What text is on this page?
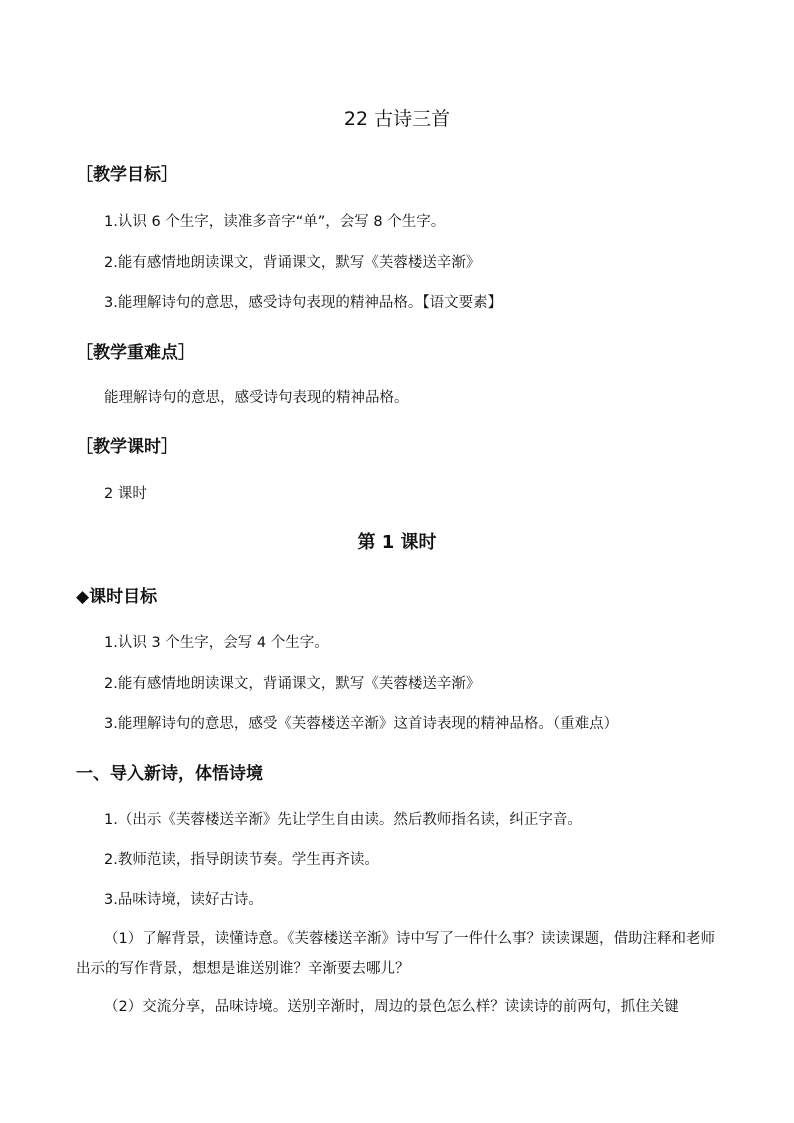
22 古诗三首
［教学目标］
1.认识 6 个生字，读准多音字“单”，会写 8 个生字。
2.能有感情地朗读课文，背诵课文，默写《芙蓉楼送辛渐》
3.能理解诗句的意思，感受诗句表现的精神品格。【语文要素】
［教学重难点］
能理解诗句的意思，感受诗句表现的精神品格。
［教学课时］
2 课时
第 1 课时
◆课时目标
1.认识 3 个生字，会写 4 个生字。
2.能有感情地朗读课文，背诵课文，默写《芙蓉楼送辛渐》
3.能理解诗句的意思，感受《芙蓉楼送辛渐》这首诗表现的精神品格。（重难点）
一、导入新诗，体悟诗境
1.（出示《芙蓉楼送辛渐》先让学生自由读。然后教师指名读，纠正字音。
2.教师范读，指导朗读节奏。学生再齐读。
3.品味诗境，读好古诗。
（1）了解背景，读懂诗意。《芙蓉楼送辛渐》诗中写了一件什么事？读读课题，借助注释和老师出示的写作背景，想想是谁送别谁？辛渐要去哪儿？
（2）交流分享，品味诗境。送别辛渐时，周边的景色怎么样？读读诗的前两句，抓住关键
